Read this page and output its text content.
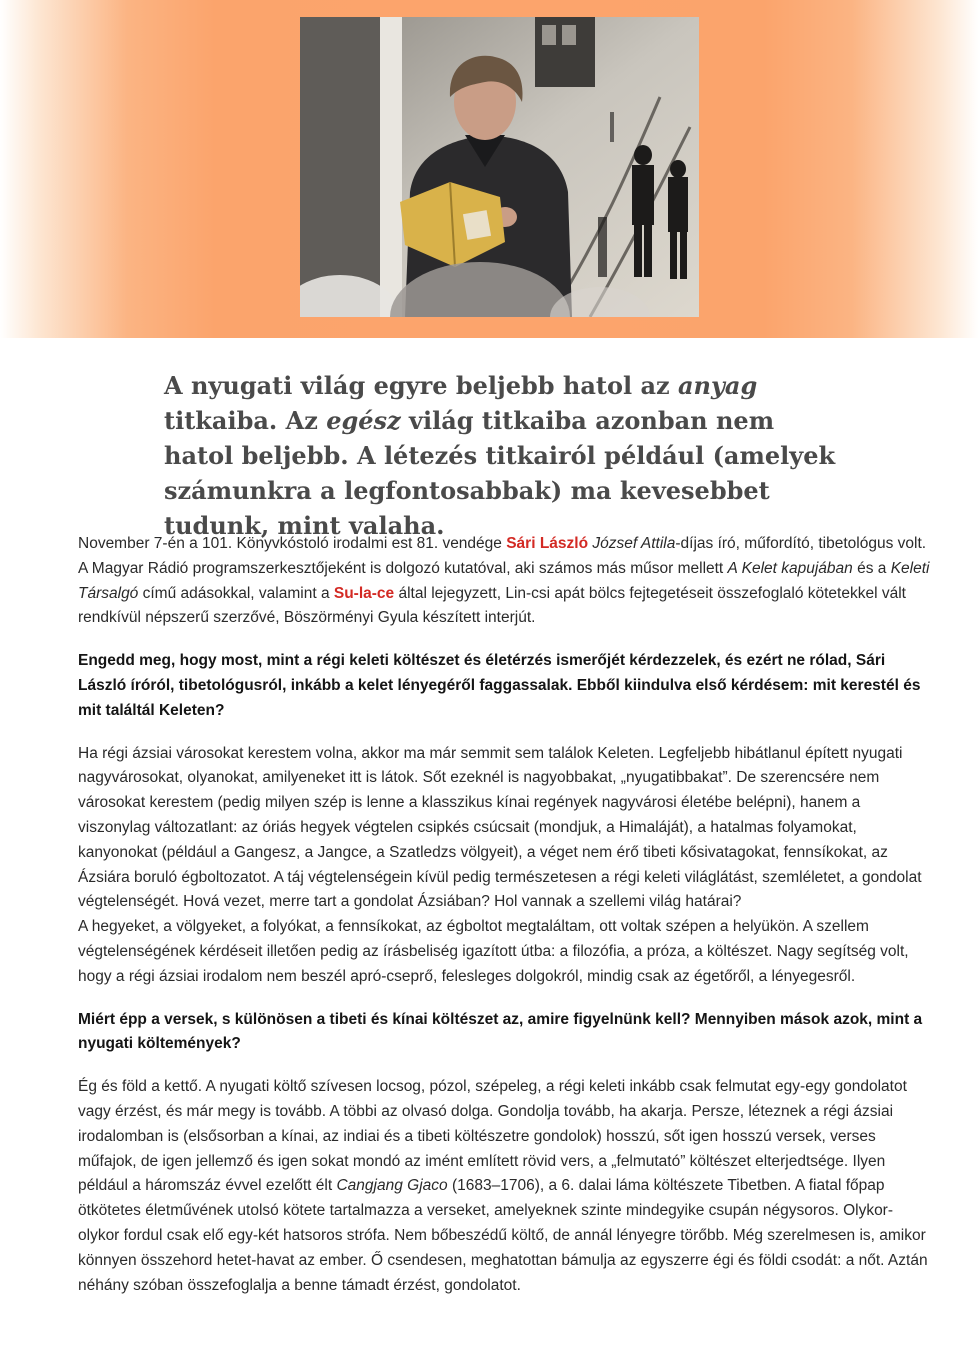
A nyugati világ egyre beljebb hatol az anyag titkaiba. Az egész világ titkaiba azonban nem hatol beljebb. A létezés titkairól például (amelyek számunkra a legfontosabbak) ma kevesebbet tudunk, mint valaha.

November 7-én a 101. Könyvkóstoló irodalmi est 81. vendége Sári László József Attila-díjas író, műfordító, tibetológus volt. A Magyar Rádió programszerkesztőjeként is dolgozó kutatóval, aki számos más műsor mellett A Kelet kapujában és a Keleti Társalgó című adásokkal, valamint a Su-la-ce által lejegyzett, Lin-csi apát bölcs fejtegetéseit összefoglaló kötetekkel vált rendkívül népszerű szerzővé, Böszörményi Gyula készített interjút.

Engedd meg, hogy most, mint a régi keleti költészet és életérzés ismerőjét kérdezzelek, és ezért ne rólad, Sári László íróról, tibetológusról, inkább a kelet lényegéről faggassalak. Ebből kiindulva első kérdésem: mit kerestél és mit találtál Keleten?

Ha régi ázsiai városokat kerestem volna, akkor ma már semmit sem találok Keleten. Legfeljebb hibátlanul épített nyugati nagyvárosokat, olyanokat, amilyeneket itt is látok. Sőt ezeknél is nagyobbakat, „nyugatibbakat”. De szerencsére nem városokat kerestem (pedig milyen szép is lenne a klasszikus kínai regények nagyvárosi életébe belépni), hanem a viszonylag változatlant: az óriás hegyek végtelen csipkés csúcsait (mondjuk, a Himaláját), a hatalmas folyamokat, kanyonokat (például a Gangesz, a Jangce, a Szatledzs völgyeit), a véget nem érő tibeti kősivatagokat, fennsíkokat, az Ázsiára boruló égboltozatot. A táj végtelenségein kívül pedig természetesen a régi keleti világlátást, szemléletet, a gondolat végtelenségét. Hová vezet, merre tart a gondolat Ázsiában? Hol vannak a szellemi világ határai?
A hegyeket, a völgyeket, a folyókat, a fennsíkokat, az égboltot megtaláltam, ott voltak szépen a helyükön. A szellem végtelenségének kérdéseit illetően pedig az írásbeliség igazított útba: a filozófia, a próza, a költészet. Nagy segítség volt, hogy a régi ázsiai irodalom nem beszél apró-cseprő, felesleges dolgokról, mindig csak az égetőről, a lényegesről.

Miért épp a versek, s különösen a tibeti és kínai költészet az, amire figyelnünk kell? Mennyiben mások azok, mint a nyugati költemények?

Ég és föld a kettő. A nyugati költő szívesen locsog, pózol, szépeleg, a régi keleti inkább csak felmutat egy-egy gondolatot vagy érzést, és már megy is tovább. A többi az olvasó dolga. Gondolja tovább, ha akarja. Persze, léteznek a régi ázsiai irodalomban is (elsősorban a kínai, az indiai és a tibeti költészetre gondolok) hosszú, sőt igen hosszú versek, verses műfajok, de igen jellemző és igen sokat mondó az imént említett rövid vers, a „felmutató” költészet elterjedtsége. Ilyen például a háromszáz évvel ezelőtt élt Cangjang Gjaco (1683–1706), a 6. dalai láma költészete Tibetben. A fiatal főpap ötkötetes életművének utolsó kötete tartalmazza a verseket, amelyeknek szinte mindegyike csupán négysoros. Olykor-olykor fordul csak elő egy-két hatsoros strófa. Nem bőbeszédű költő, de annál lényegre törőbb. Még szerelmesen is, amikor könnyen összehord hetet-havat az ember. Ő csendesen, meghatottan bámulja az egyszerre égi és földi csodát: a nőt. Aztán néhány szóban összefoglalja a benne támadt érzést, gondolatot.
